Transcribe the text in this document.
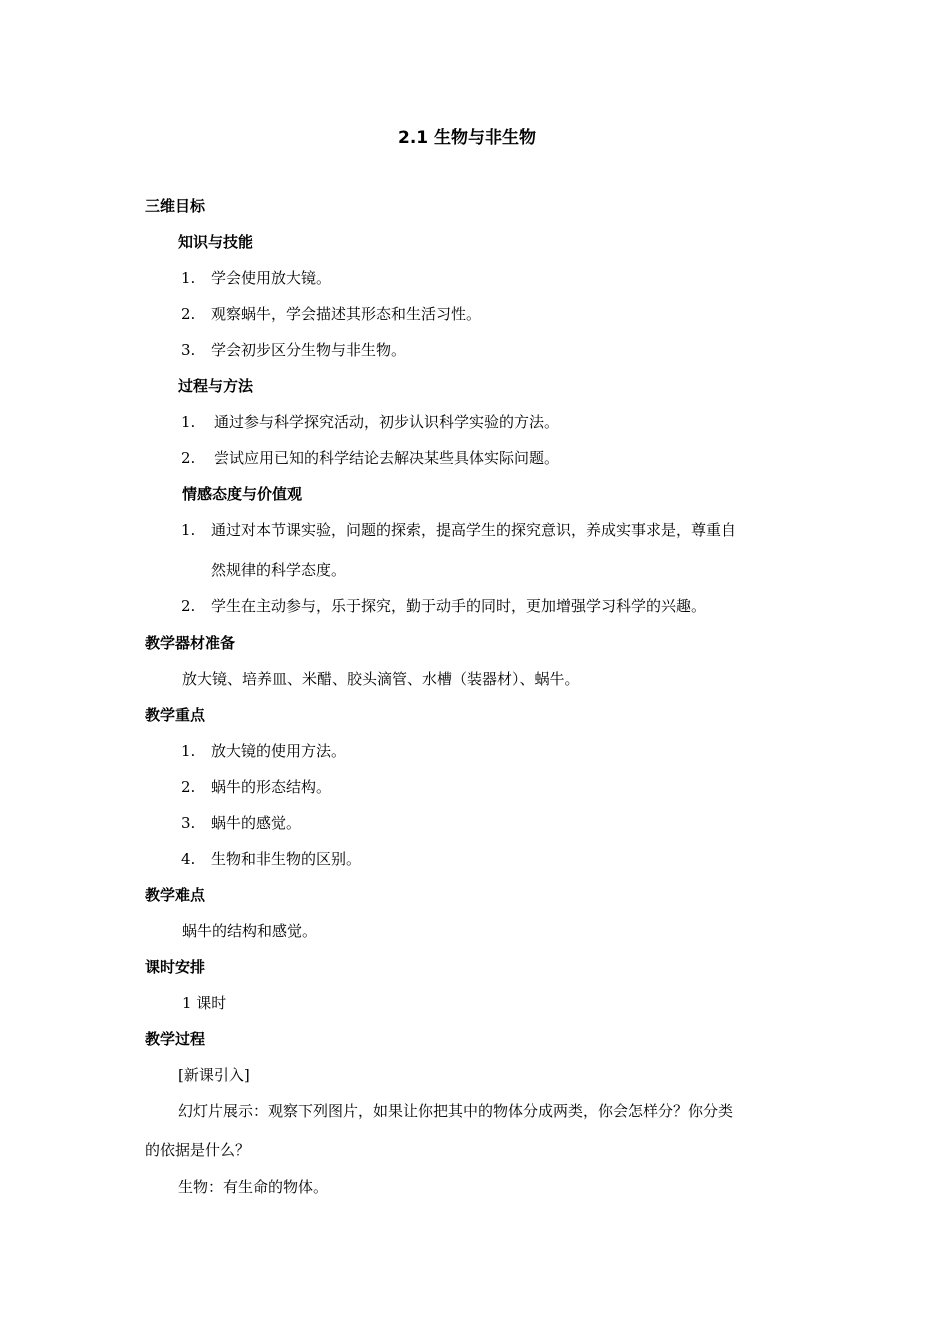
2.1 生物与非生物
三维目标
知识与技能
1. 学会使用放大镜。
2. 观察蜗牛，学会描述其形态和生活习性。
3. 学会初步区分生物与非生物。
过程与方法
1. 通过参与科学探究活动，初步认识科学实验的方法。
2. 尝试应用已知的科学结论去解决某些具体实际问题。
情感态度与价值观
1. 通过对本节课实验，问题的探索，提高学生的探究意识，养成实事求是，尊重自
然规律的科学态度。
2. 学生在主动参与，乐于探究，勤于动手的同时，更加增强学习科学的兴趣。
教学器材准备
放大镜、培养皿、米醋、胶头滴管、水槽（装器材）、蜗牛。
教学重点
1. 放大镜的使用方法。
2. 蜗牛的形态结构。
3. 蜗牛的感觉。
4. 生物和非生物的区别。
教学难点
蜗牛的结构和感觉。
课时安排
1 课时
教学过程
[新课引入]
幻灯片展示：观察下列图片，如果让你把其中的物体分成两类，你会怎样分？你分类
的依据是什么？
生物：有生命的物体。
